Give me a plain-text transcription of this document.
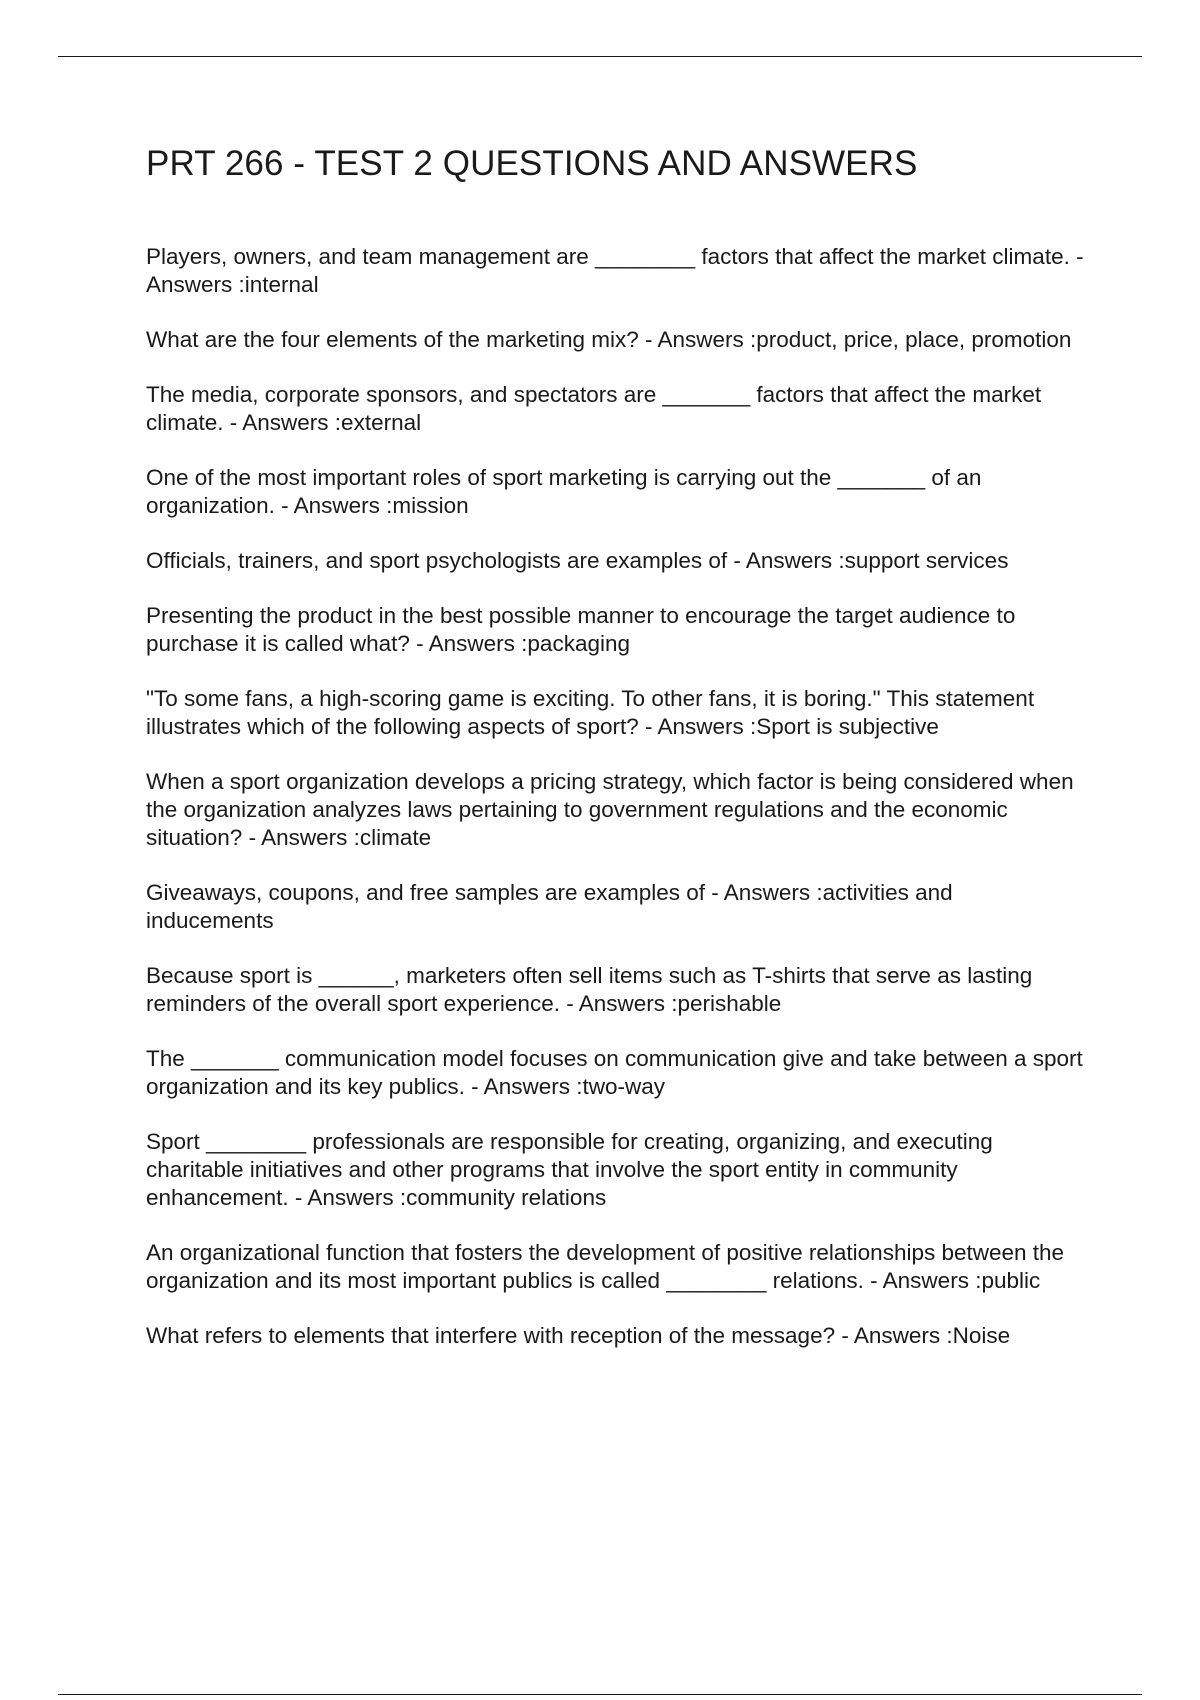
PRT 266 - TEST 2 QUESTIONS AND ANSWERS
Players, owners, and team management are ________ factors that affect the market climate. - Answers :internal
What are the four elements of the marketing mix? - Answers :product, price, place, promotion
The media, corporate sponsors, and spectators are _______ factors that affect the market climate. - Answers :external
One of the most important roles of sport marketing is carrying out the _______ of an organization. - Answers :mission
Officials, trainers, and sport psychologists are examples of - Answers :support services
Presenting the product in the best possible manner to encourage the target audience to purchase it is called what? - Answers :packaging
"To some fans, a high-scoring game is exciting. To other fans, it is boring." This statement illustrates which of the following aspects of sport? - Answers :Sport is subjective
When a sport organization develops a pricing strategy, which factor is being considered when the organization analyzes laws pertaining to government regulations and the economic situation? - Answers :climate
Giveaways, coupons, and free samples are examples of - Answers :activities and inducements
Because sport is ______, marketers often sell items such as T-shirts that serve as lasting reminders of the overall sport experience. - Answers :perishable
The _______ communication model focuses on communication give and take between a sport organization and its key publics. - Answers :two-way
Sport ________ professionals are responsible for creating, organizing, and executing charitable initiatives and other programs that involve the sport entity in community enhancement. - Answers :community relations
An organizational function that fosters the development of positive relationships between the organization and its most important publics is called ________ relations. - Answers :public
What refers to elements that interfere with reception of the message? - Answers :Noise
